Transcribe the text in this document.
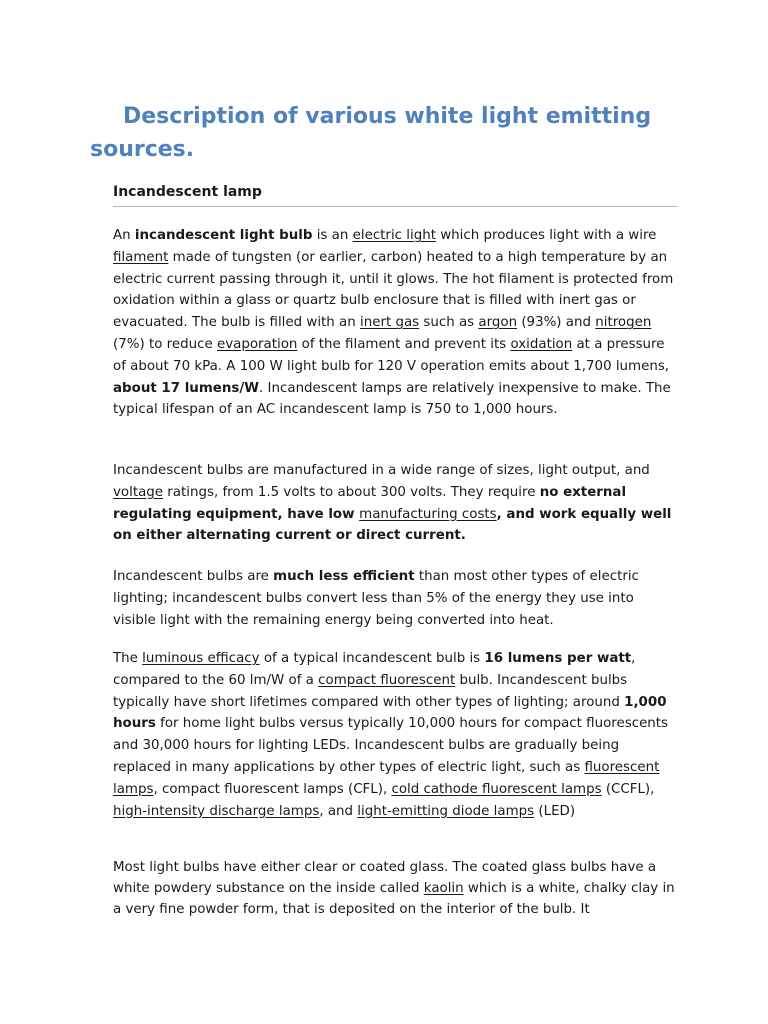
Description of various white light emitting sources.
Incandescent lamp

An incandescent light bulb is an electric light which produces light with a wire filament made of tungsten (or earlier, carbon) heated to a high temperature by an electric current passing through it, until it glows. The hot filament is protected from oxidation within a glass or quartz bulb enclosure that is filled with inert gas or evacuated. The bulb is filled with an inert gas such as argon (93%) and nitrogen (7%) to reduce evaporation of the filament and prevent its oxidation at a pressure of about 70 kPa. A 100 W light bulb for 120 V operation emits about 1,700 lumens, about 17 lumens/W. Incandescent lamps are relatively inexpensive to make. The typical lifespan of an AC incandescent lamp is 750 to 1,000 hours.

Incandescent bulbs are manufactured in a wide range of sizes, light output, and voltage ratings, from 1.5 volts to about 300 volts. They require no external regulating equipment, have low manufacturing costs, and work equally well on either alternating current or direct current.

Incandescent bulbs are much less efficient than most other types of electric lighting; incandescent bulbs convert less than 5% of the energy they use into visible light with the remaining energy being converted into heat.

The luminous efficacy of a typical incandescent bulb is 16 lumens per watt, compared to the 60 lm/W of a compact fluorescent bulb. Incandescent bulbs typically have short lifetimes compared with other types of lighting; around 1,000 hours for home light bulbs versus typically 10,000 hours for compact fluorescents and 30,000 hours for lighting LEDs. Incandescent bulbs are gradually being replaced in many applications by other types of electric light, such as fluorescent lamps, compact fluorescent lamps (CFL), cold cathode fluorescent lamps (CCFL), high-intensity discharge lamps, and light-emitting diode lamps (LED)

Most light bulbs have either clear or coated glass. The coated glass bulbs have a white powdery substance on the inside called kaolin which is a white, chalky clay in a very fine powder form, that is deposited on the interior of the bulb. It
